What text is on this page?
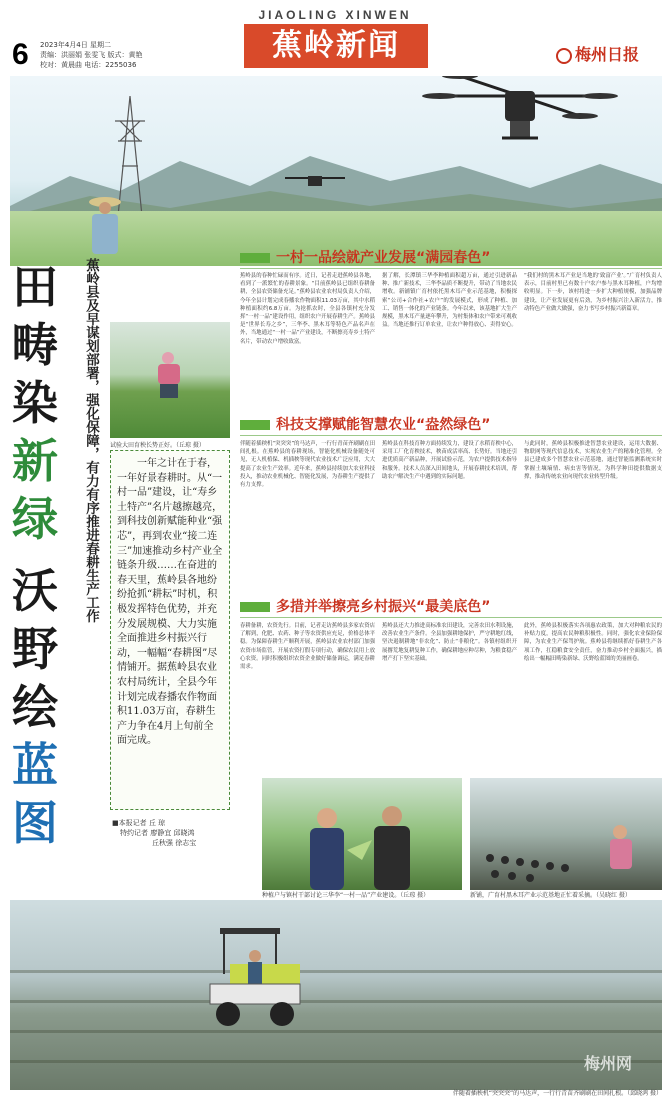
6 2023年4月4日 星期二
责编：洪丽娟 张雯飞 版式：黄艳
校对：黄晨曲 电话：2255036
JIAOLING XINWEN
蕉岭新闻	梅州日报
田
畴
染
新
绿
沃
野
绘
蓝
图
蕉岭县及早谋划部署，强化保障，有力有序推进春耕生产工作 试验大田育秧长势正好。（丘琼 摄）

一年之计在于春，一年好景春耕时。从“一村一品”建设，让“寿乡土特产”名片越擦越亮，到科技创新赋能种业“强芯”，再到农业“接二连三”加速推动乡村产业全链条升级……在奋进的春天里，蕉岭县各地纷纷抢抓“耕耘”时机，积极发挥特色优势，并充分发展规模、大力实施全面推进乡村振兴行动，一幅幅“春耕图”尽情铺开。据蕉岭县农业农村局统计，全县今年计划完成春播农作物面积11.03万亩，春耕生产力争在4月上旬前全面完成。

■本报记者 丘 琼
特约记者 廖静宜 邱晓鸿
丘秋强 徐志宝
一村一品绘就产业发展“满园春色”
蕉岭县的春种忙碌而有序。近日，记者走进蕉岭县各地，看到了一派繁忙的春耕景象。“目前蕉岭县已组织春耕备耕，全县农资储备充足。”蕉岭县农业农村局负责人介绍，今年全县计划完成春播农作物面积11.03万亩，其中水稻种植面积约6.8万亩。为抢抓农时，全县各镇村充分发挥“一村一品”建设作用，组织农户开展春耕生产。蕉岭县是“世界长寿之乡”，三华李、黑木耳等特色产品名声在外，当地通过“一村一品”产业建设，不断擦亮寿乡土特产名片，带动农户增收致富。
据了解，长潭镇三华李种植面积超万亩，通过引进新品种、推广新技术，三华李品质不断提升，带动了当地农民增收。新铺镇广育村依托黑木耳产业示范基地，积极探索“公司+合作社+农户”的发展模式，形成了种植、加工、销售一体化的产业链条。今年以来，该基地扩大生产规模，黑木耳产量逐年攀升，为村集体和农户带来可观收益。当地还推行订单农业，让农户种得放心、卖得安心。
“我们村的黑木耳产业是当地的‘致富产业’。”广育村负责人表示，目前村里已有数十户农户参与黑木耳种植，户均增收明显。下一步，该村将进一步扩大种植规模，加强品牌建设，让产业发展更有后劲，为乡村振兴注入新活力，推动特色产业做大做强，奋力书写乡村振兴新篇章。
科技支撑赋能智慧农业“盎然绿色”
伴随着插秧机“突突突”的马达声，一行行青苗齐刷刷在田间扎根。在蕉岭县的春耕现场，智能化机械设备随处可见，无人机植保、机插秧等现代农业技术广泛应用，大大提高了农业生产效率。近年来，蕉岭县持续加大农业科技投入，推动农业机械化、智能化发展，为春耕生产提供了有力支撑。
蕉岭县在科技育种方面持续发力，建设了水稻育秧中心，采用工厂化育秧技术，秧苗成活率高、长势好。当地还引进优质高产新品种，开展试验示范，为农户提供技术指导和服务。技术人员深入田间地头，开展春耕技术培训，帮助农户解决生产中遇到的实际问题。
与此同时，蕉岭县积极推进智慧农业建设，运用大数据、物联网等现代信息技术，实现农业生产的精准化管理。全县已建成多个智慧农业示范基地，通过智能监测系统实时掌握土壤墒情、病虫害等情况，为科学种田提供数据支撑，推动传统农业向现代农业转型升级。
多措并举擦亮乡村振兴“最美底色”
春耕备耕，农资先行。目前，记者走访蕉岭县多家农资店了解到，化肥、农药、种子等农资供应充足，价格总体平稳。为保障春耕生产顺利开展，蕉岭县农业农村部门加强农资市场监管，开展农资打假专项行动，确保农民用上放心农资。同时积极组织农资企业做好储备调运，满足春耕需求。
蕉岭县还大力推进高标准农田建设，完善农田水利设施，改善农业生产条件。全县加强耕地保护，严守耕地红线，坚决遏制耕地“非农化”、防止“非粮化”。各镇村组织开展撂荒地复耕复种工作，确保耕地应种尽种，为粮食稳产增产打下坚实基础。
此外，蕉岭县积极落实各项惠农政策，加大对种粮农民的补贴力度，提高农民种粮积极性。同时，强化农业保险保障，为农业生产保驾护航。蕉岭县将继续抓好春耕生产各项工作，扛稳粮食安全责任，奋力推动乡村全面振兴，描绘出一幅幅田畴染新绿、沃野绘蓝图的美丽画卷。
种植户与镇村干部讨论三华李“一村一品”产业建设。（丘琼 摄）	新铺，广育村黑木耳产业示范基地正忙着采摘。（吴晓红 摄）
梅州网
伴随着插秧机“突突突”的马达声，一行行青苗齐刷刷在田间扎根。（邱晓鸿 摄）
